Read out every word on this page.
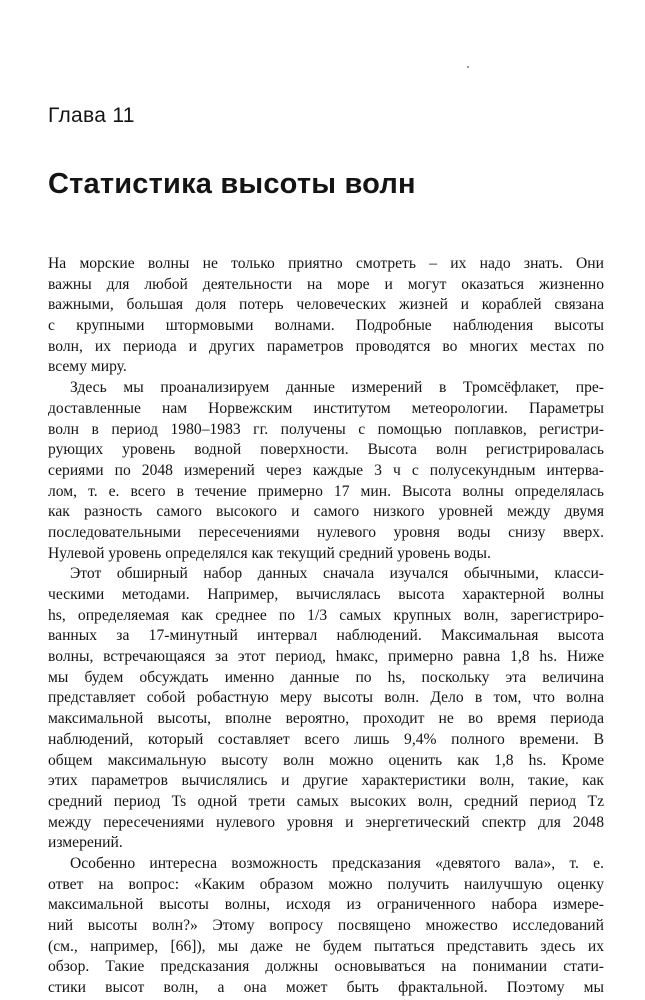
Глава 11
Статистика высоты волн
На морские волны не только приятно смотреть – их надо знать. Они
важны для любой деятельности на море и могут оказаться жизненно
важными, большая доля потерь человеческих жизней и кораблей связана
с крупными штормовыми волнами. Подробные наблюдения высоты
волн, их периода и других параметров проводятся во многих местах по
всему миру.
Здесь мы проанализируем данные измерений в Тромсёфлакет, пре-
доставленные нам Норвежским институтом метеорологии. Параметры
волн в период 1980–1983 гг. получены с помощью поплавков, регистри-
рующих уровень водной поверхности. Высота волн регистрировалась
сериями по 2048 измерений через каждые 3 ч с полусекундным интерва-
лом, т. е. всего в течение примерно 17 мин. Высота волны определялась
как разность самого высокого и самого низкого уровней между двумя
последовательными пересечениями нулевого уровня воды снизу вверх.
Нулевой уровень определялся как текущий средний уровень воды.
Этот обширный набор данных сначала изучался обычными, класси-
ческими методами. Например, вычислялась высота характерной волны
hs, определяемая как среднее по 1/3 самых крупных волн, зарегистриро-
ванных за 17-минутный интервал наблюдений. Максимальная высота
волны, встречающаяся за этот период, hмакс, примерно равна 1,8 hs. Ниже
мы будем обсуждать именно данные по hs, поскольку эта величина
представляет собой робастную меру высоты волн. Дело в том, что волна
максимальной высоты, вполне вероятно, проходит не во время периода
наблюдений, который составляет всего лишь 9,4% полного времени. В
общем максимальную высоту волн можно оценить как 1,8 hs. Кроме
этих параметров вычислялись и другие характеристики волн, такие, как
средний период Ts одной трети самых высоких волн, средний период Tz
между пересечениями нулевого уровня и энергетический спектр для 2048
измерений.
Особенно интересна возможность предсказания «девятого вала», т. е.
ответ на вопрос: «Каким образом можно получить наилучшую оценку
максимальной высоты волны, исходя из ограниченного набора измере-
ний высоты волн?» Этому вопросу посвящено множество исследований
(см., например, [66]), мы даже не будем пытаться представить здесь их
обзор. Такие предсказания должны основываться на понимании стати-
стики высот волн, а она может быть фрактальной. Поэтому мы
